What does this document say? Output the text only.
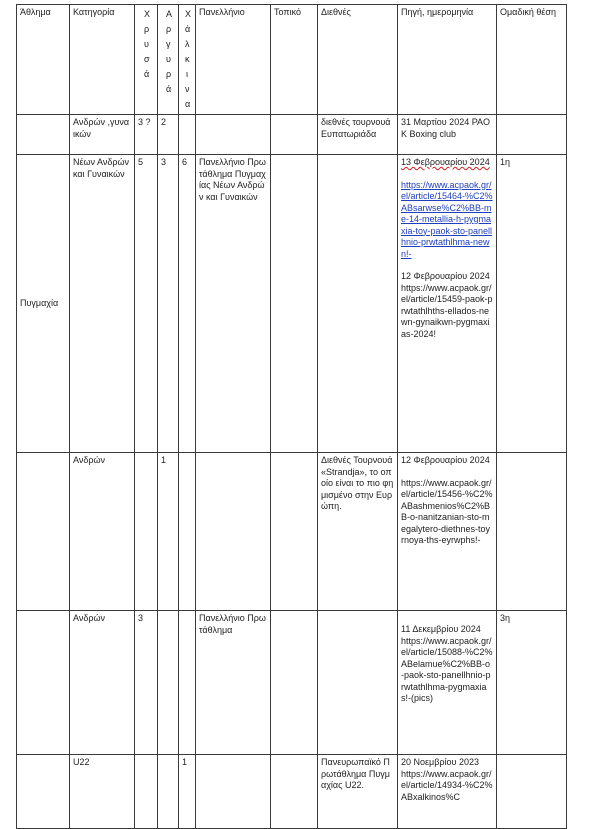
Άθλημα	Κατηγορία	Χρυσά	Αργυρά	Χάλκινα	Πανελλήνιο	Τοπικό	Διεθνές	Πηγή, ημερομηνία	Ομαδική θέση
	Ανδρών ,γυναικών	3 ?	2				διεθνές τουρνουά Ευπατωριάδα	31 Μαρτίου 2024 PAOK Boxing club	
Πυγμαχία	Νέων Ανδρών και Γυναικών	5	3	6	Πανελλήνιο Πρωτάθλημα Πυγμαχίας Νέων Ανδρών και Γυναικών			13 Φεβρουαρίου 2024
https://www.acpaok.gr/el/article/15464-%C2%ABsarwse%C2%BB-me-14-metallia-h-pygmaxia-toy-paok-sto-panellhnio-prwtathlhma-newn!-
12 Φεβρουαρίου 2024
https://www.acpaok.gr/el/article/15459-paok-prwtathlhths-ellados-newn-gynaikwn-pygmaxias-2024!	1η
	Ανδρών		1				Διεθνές Τουρνουά «Strandja», το οποίο είναι το πιο φημισμένο στην Ευρώπη.	12 Φεβρουαρίου 2024
https://www.acpaok.gr/el/article/15456-%C2%ABashmenios%C2%BB-o-nanitzanian-sto-megalytero-diethnes-toyrnoya-ths-eyrwphs!-	

	Ανδρών	3			Πανελλήνιο Πρωτάθλημα			11 Δεκεμβρίου 2024
https://www.acpaok.gr/el/article/15088-%C2%ABelamue%C2%BB-o-paok-sto-panellhnio-prwtathlhma-pygmaxias!-(pics)	3η
	U22			1			Πανευρωπαϊκό Πρωτάθλημα Πυγμαχίας U22.	20 Νοεμβρίου 2023
https://www.acpaok.gr/el/article/14934-%C2%ABxalkinos%C	
